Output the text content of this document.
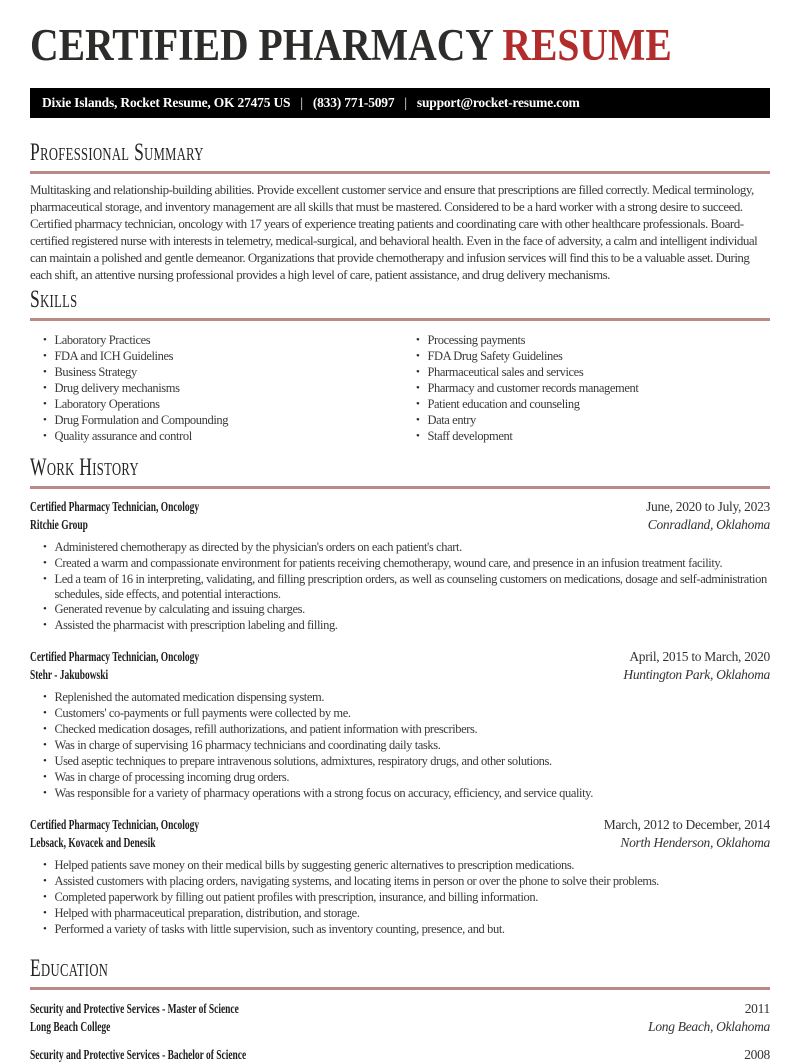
CERTIFIED PHARMACY RESUME
Dixie Islands, Rocket Resume, OK 27475 US | (833) 771-5097 | support@rocket-resume.com
Professional Summary

Multitasking and relationship-building abilities. Provide excellent customer service and ensure that prescriptions are filled correctly. Medical terminology, pharmaceutical storage, and inventory management are all skills that must be mastered. Considered to be a hard worker with a strong desire to succeed. Certified pharmacy technician, oncology with 17 years of experience treating patients and coordinating care with other healthcare professionals. Board-certified registered nurse with interests in telemetry, medical-surgical, and behavioral health. Even in the face of adversity, a calm and intelligent individual can maintain a polished and gentle demeanor. Organizations that provide chemotherapy and infusion services will find this to be a valuable asset. During each shift, an attentive nursing professional provides a high level of care, patient assistance, and drug delivery mechanisms.

Skills
•
Laboratory Practices
•
FDA and ICH Guidelines
•
Business Strategy
•
Drug delivery mechanisms
•
Laboratory Operations
•
Drug Formulation and Compounding
•
Quality assurance and control
•
Processing payments
•
FDA Drug Safety Guidelines
•
Pharmaceutical sales and services
•
Pharmacy and customer records management
•
Patient education and counseling
•
Data entry
•
Staff development
Work History
Certified Pharmacy Technician, Oncology	June, 2020 to July, 2023
Ritchie Group	Conradland, Oklahoma
•
Administered chemotherapy as directed by the physician's orders on each patient's chart.
•
Created a warm and compassionate environment for patients receiving chemotherapy, wound care, and presence in an infusion treatment facility.
•
Led a team of 16 in interpreting, validating, and filling prescription orders, as well as counseling customers on medications, dosage and self-administration schedules, side effects, and potential interactions.
•
Generated revenue by calculating and issuing charges.
•
Assisted the pharmacist with prescription labeling and filling.
Certified Pharmacy Technician, Oncology	April, 2015 to March, 2020
Stehr - Jakubowski	Huntington Park, Oklahoma
•
Replenished the automated medication dispensing system.
•
Customers' co-payments or full payments were collected by me.
•
Checked medication dosages, refill authorizations, and patient information with prescribers.
•
Was in charge of supervising 16 pharmacy technicians and coordinating daily tasks.
•
Used aseptic techniques to prepare intravenous solutions, admixtures, respiratory drugs, and other solutions.
•
Was in charge of processing incoming drug orders.
•
Was responsible for a variety of pharmacy operations with a strong focus on accuracy, efficiency, and service quality.
Certified Pharmacy Technician, Oncology	March, 2012 to December, 2014
Lebsack, Kovacek and Denesik	North Henderson, Oklahoma
•
Helped patients save money on their medical bills by suggesting generic alternatives to prescription medications.
•
Assisted customers with placing orders, navigating systems, and locating items in person or over the phone to solve their problems.
•
Completed paperwork by filling out patient profiles with prescription, insurance, and billing information.
•
Helped with pharmaceutical preparation, distribution, and storage.
•
Performed a variety of tasks with little supervision, such as inventory counting, presence, and but.
Education
Security and Protective Services - Master of Science	2011
Long Beach College	Long Beach, Oklahoma
Security and Protective Services - Bachelor of Science	2008
